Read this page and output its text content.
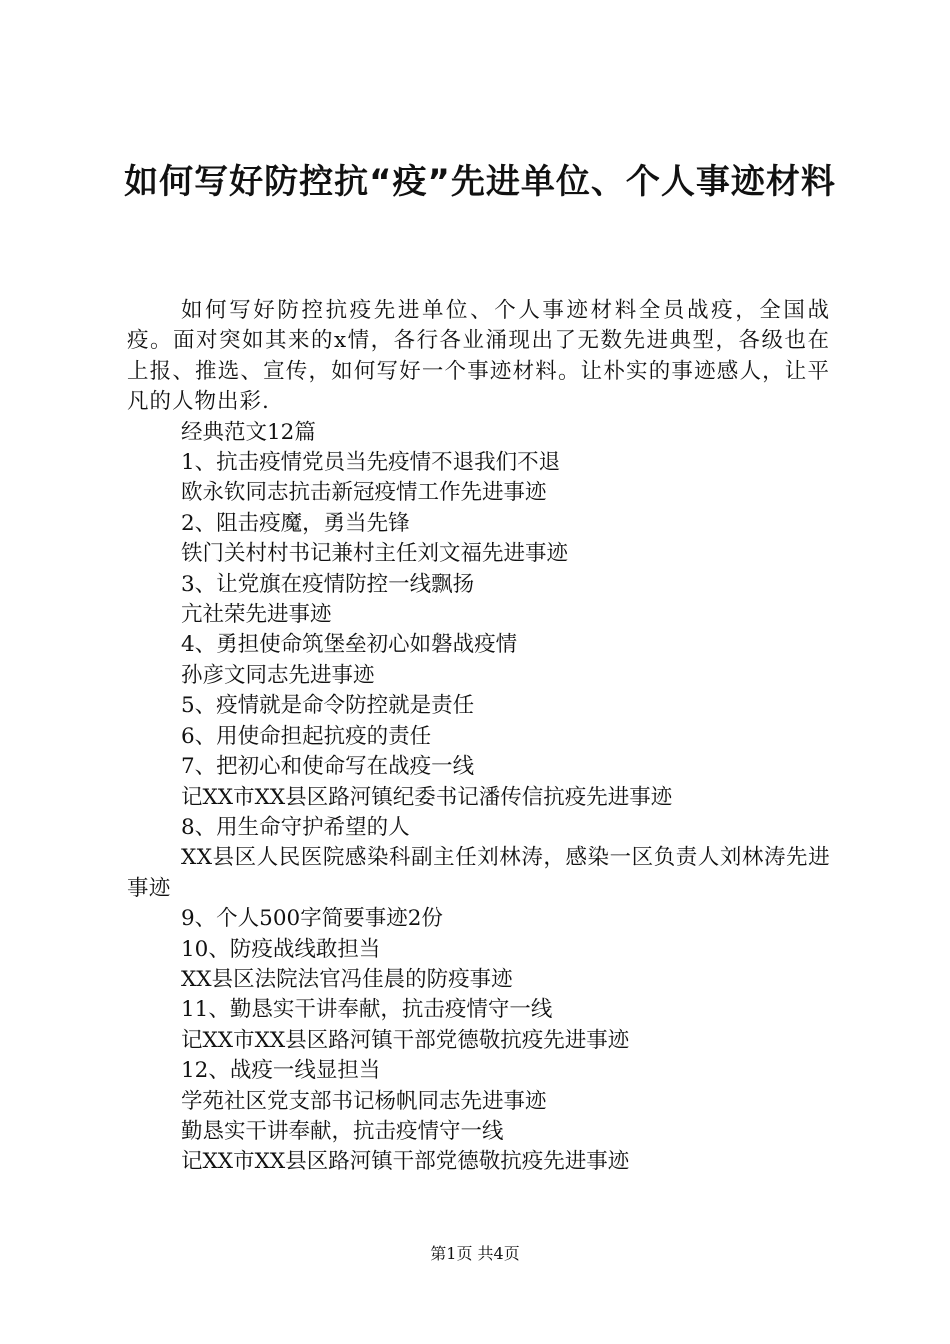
如何写好防控抗“疫”先进单位、个人事迹材料

如何写好防控抗疫先进单位、个人事迹材料全员战疫，全国战疫。面对突如其来的x情，各行各业涌现出了无数先进典型，各级也在上报、推选、宣传，如何写好一个事迹材料。让朴实的事迹感人，让平凡的人物出彩.

经典范文12篇

1、抗击疫情党员当先疫情不退我们不退

欧永钦同志抗击新冠疫情工作先进事迹

2、阻击疫魔，勇当先锋

铁门关村村书记兼村主任刘文福先进事迹

3、让党旗在疫情防控一线飘扬

亢社荣先进事迹

4、勇担使命筑堡垒初心如磐战疫情

孙彦文同志先进事迹

5、疫情就是命令防控就是责任

6、用使命担起抗疫的责任

7、把初心和使命写在战疫一线

记XX市XX县区路河镇纪委书记潘传信抗疫先进事迹

8、用生命守护希望的人

XX县区人民医院感染科副主任刘林涛，感染一区负责人刘林涛先进事迹

9、个人500字简要事迹2份

10、防疫战线敢担当

XX县区法院法官冯佳晨的防疫事迹

11、勤恳实干讲奉献，抗击疫情守一线

记XX市XX县区路河镇干部党德敬抗疫先进事迹

12、战疫一线显担当

学苑社区党支部书记杨帆同志先进事迹

勤恳实干讲奉献，抗击疫情守一线

记XX市XX县区路河镇干部党德敬抗疫先进事迹

第1页 共4页
